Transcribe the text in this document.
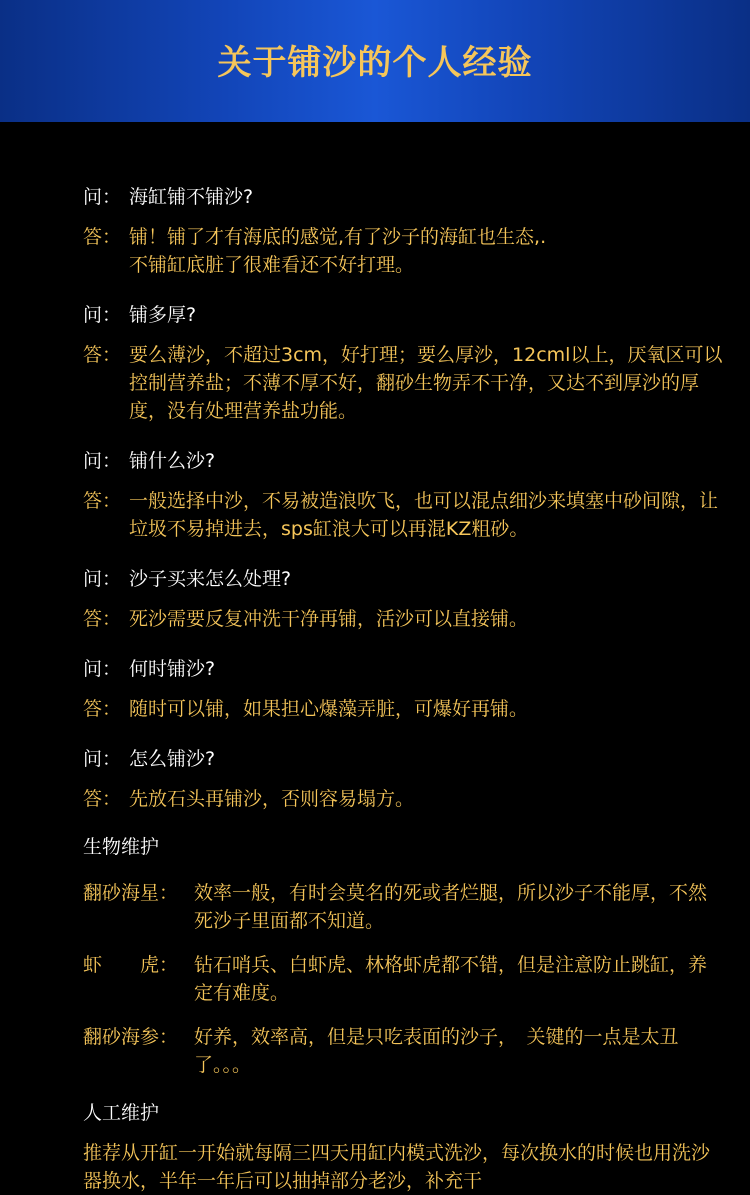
关于铺沙的个人经验
问： 海缸铺不铺沙?
答： 铺！铺了才有海底的感觉,有了沙子的海缸也生态,.
不铺缸底脏了很难看还不好打理。
问： 铺多厚?
答： 要么薄沙，不超过3cm，好打理；要么厚沙，12cml以上，厌氧区可以控制营养盐；不薄不厚不好，翻砂生物弄不干净，又达不到厚沙的厚度，没有处理营养盐功能。
问： 铺什么沙?
答： 一般选择中沙，不易被造浪吹飞，也可以混点细沙来填塞中砂间隙，让垃圾不易掉进去，sps缸浪大可以再混KZ粗砂。
问： 沙子买来怎么处理?
答： 死沙需要反复冲洗干净再铺，活沙可以直接铺。
问： 何时铺沙?
答： 随时可以铺，如果担心爆藻弄脏，可爆好再铺。
问： 怎么铺沙?
答： 先放石头再铺沙，否则容易塌方。
生物维护
翻砂海星： 效率一般，有时会莫名的死或者烂腿，所以沙子不能厚，不然死沙子里面都不知道。
虾　　虎： 钻石哨兵、白虾虎、林格虾虎都不错，但是注意防止跳缸，养定有难度。
翻砂海参： 好养，效率高，但是只吃表面的沙子，　关键的一点是太丑了。。。
人工维护
推荐从开缸一开始就每隔三四天用缸内模式洗沙，每次换水的时候也用洗沙器换水，半年一年后可以抽掉部分老沙，补充干
